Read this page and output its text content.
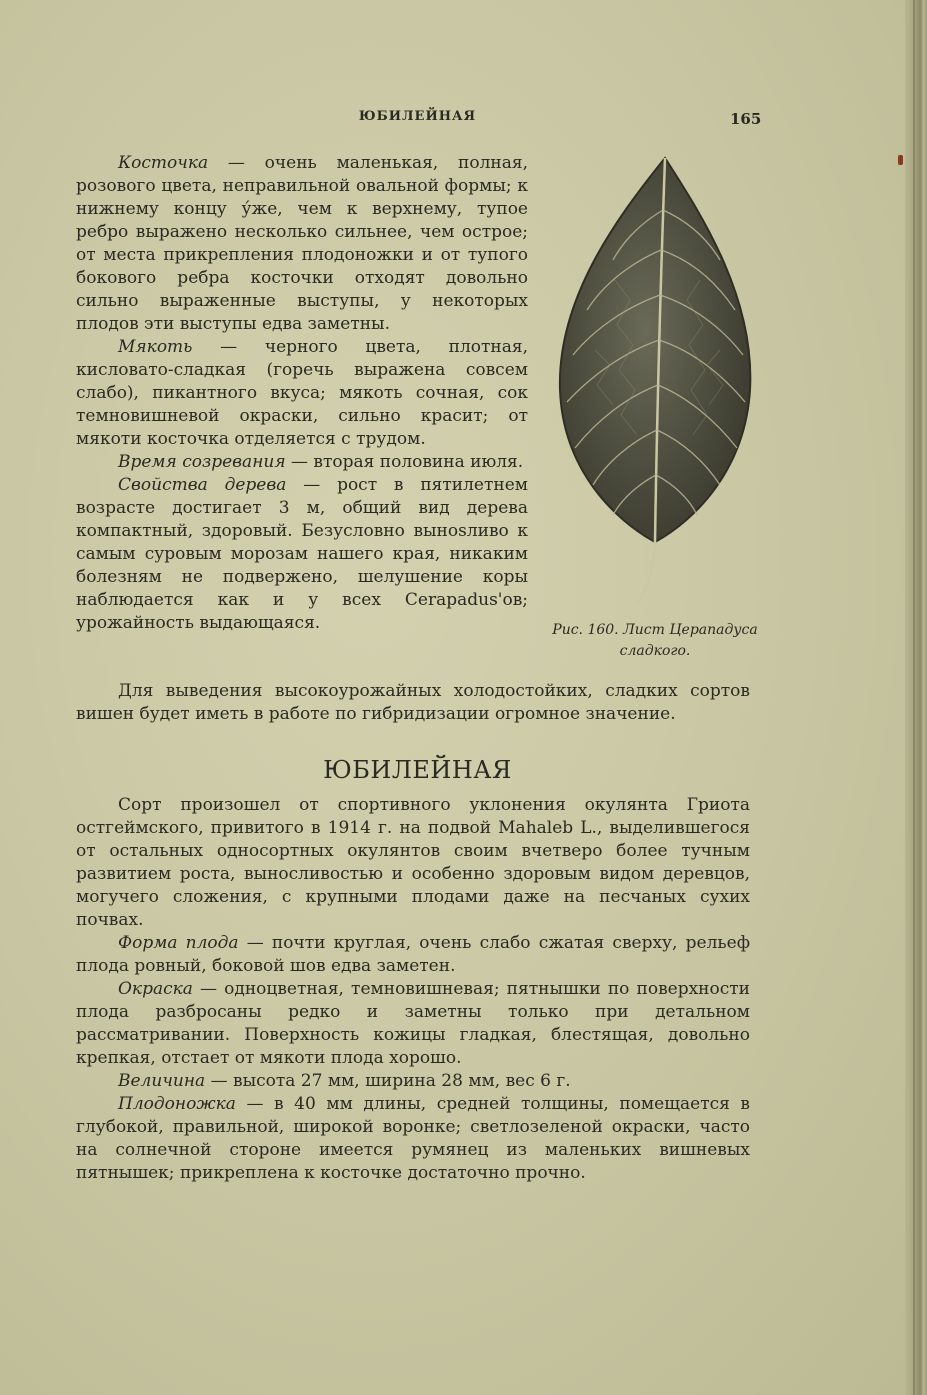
ЮБИЛЕЙНАЯ	165

Косточка — очень маленькая, полная, розового цвета, неправильной овальной формы; к нижнему концу у́же, чем к верхнему, тупое ребро выражено несколько сильнее, чем острое; от места прикрепления плодоножки и от тупого бокового ребра косточки отходят довольно сильно выраженные выступы, у некоторых плодов эти выступы едва заметны.

Мякоть — черного цвета, плотная, кисловато-сладкая (горечь выражена совсем слабо), пикантного вкуса; мякоть сочная, сок темновишневой окраски, сильно красит; от мякоти косточка отделяется с трудом.

Время созревания — вторая половина июля.

Свойства дерева — рост в пятилетнем возрасте достигает 3 м, общий вид дерева компактный, здоровый. Безусловно вынosливо к самым суровым морозам нашего края, никаким болезням не подвержено, шелушение коры наблюдается как и у всех Cerapadus'ов; урожайность выдающаяся.	Рис. 160. Лист Церападуса сладкого.

Для выведения высокоурожайных холодостойких, сладких сортов вишен будет иметь в работе по гибридизации огромное значение.

ЮБИЛЕЙНАЯ

Сорт произошел от спортивного уклонения окулянта Гриота остгеймского, привитого в 1914 г. на подвой Mahaleb L., выделившегося от остальных односортных окулянтов своим вчетверо более тучным развитием роста, выносливостью и особенно здоровым видом деревцов, могучего сложения, с крупными плодами даже на песчаных сухих почвах.

Форма плода — почти круглая, очень слабо сжатая сверху, рельеф плода ровный, боковой шов едва заметен.

Окраска — одноцветная, темновишневая; пятнышки по поверхности плода разбросаны редко и заметны только при детальном рассматривании. Поверхность кожицы гладкая, блестящая, довольно крепкая, отстает от мякоти плода хорошо.

Величина — высота 27 мм, ширина 28 мм, вес 6 г.

Плодоножка — в 40 мм длины, средней толщины, помещается в глубокой, правильной, широкой воронке; светлозеленой окраски, часто на солнечной стороне имеется румянец из маленьких вишневых пятнышек; прикреплена к косточке достаточно прочно.
